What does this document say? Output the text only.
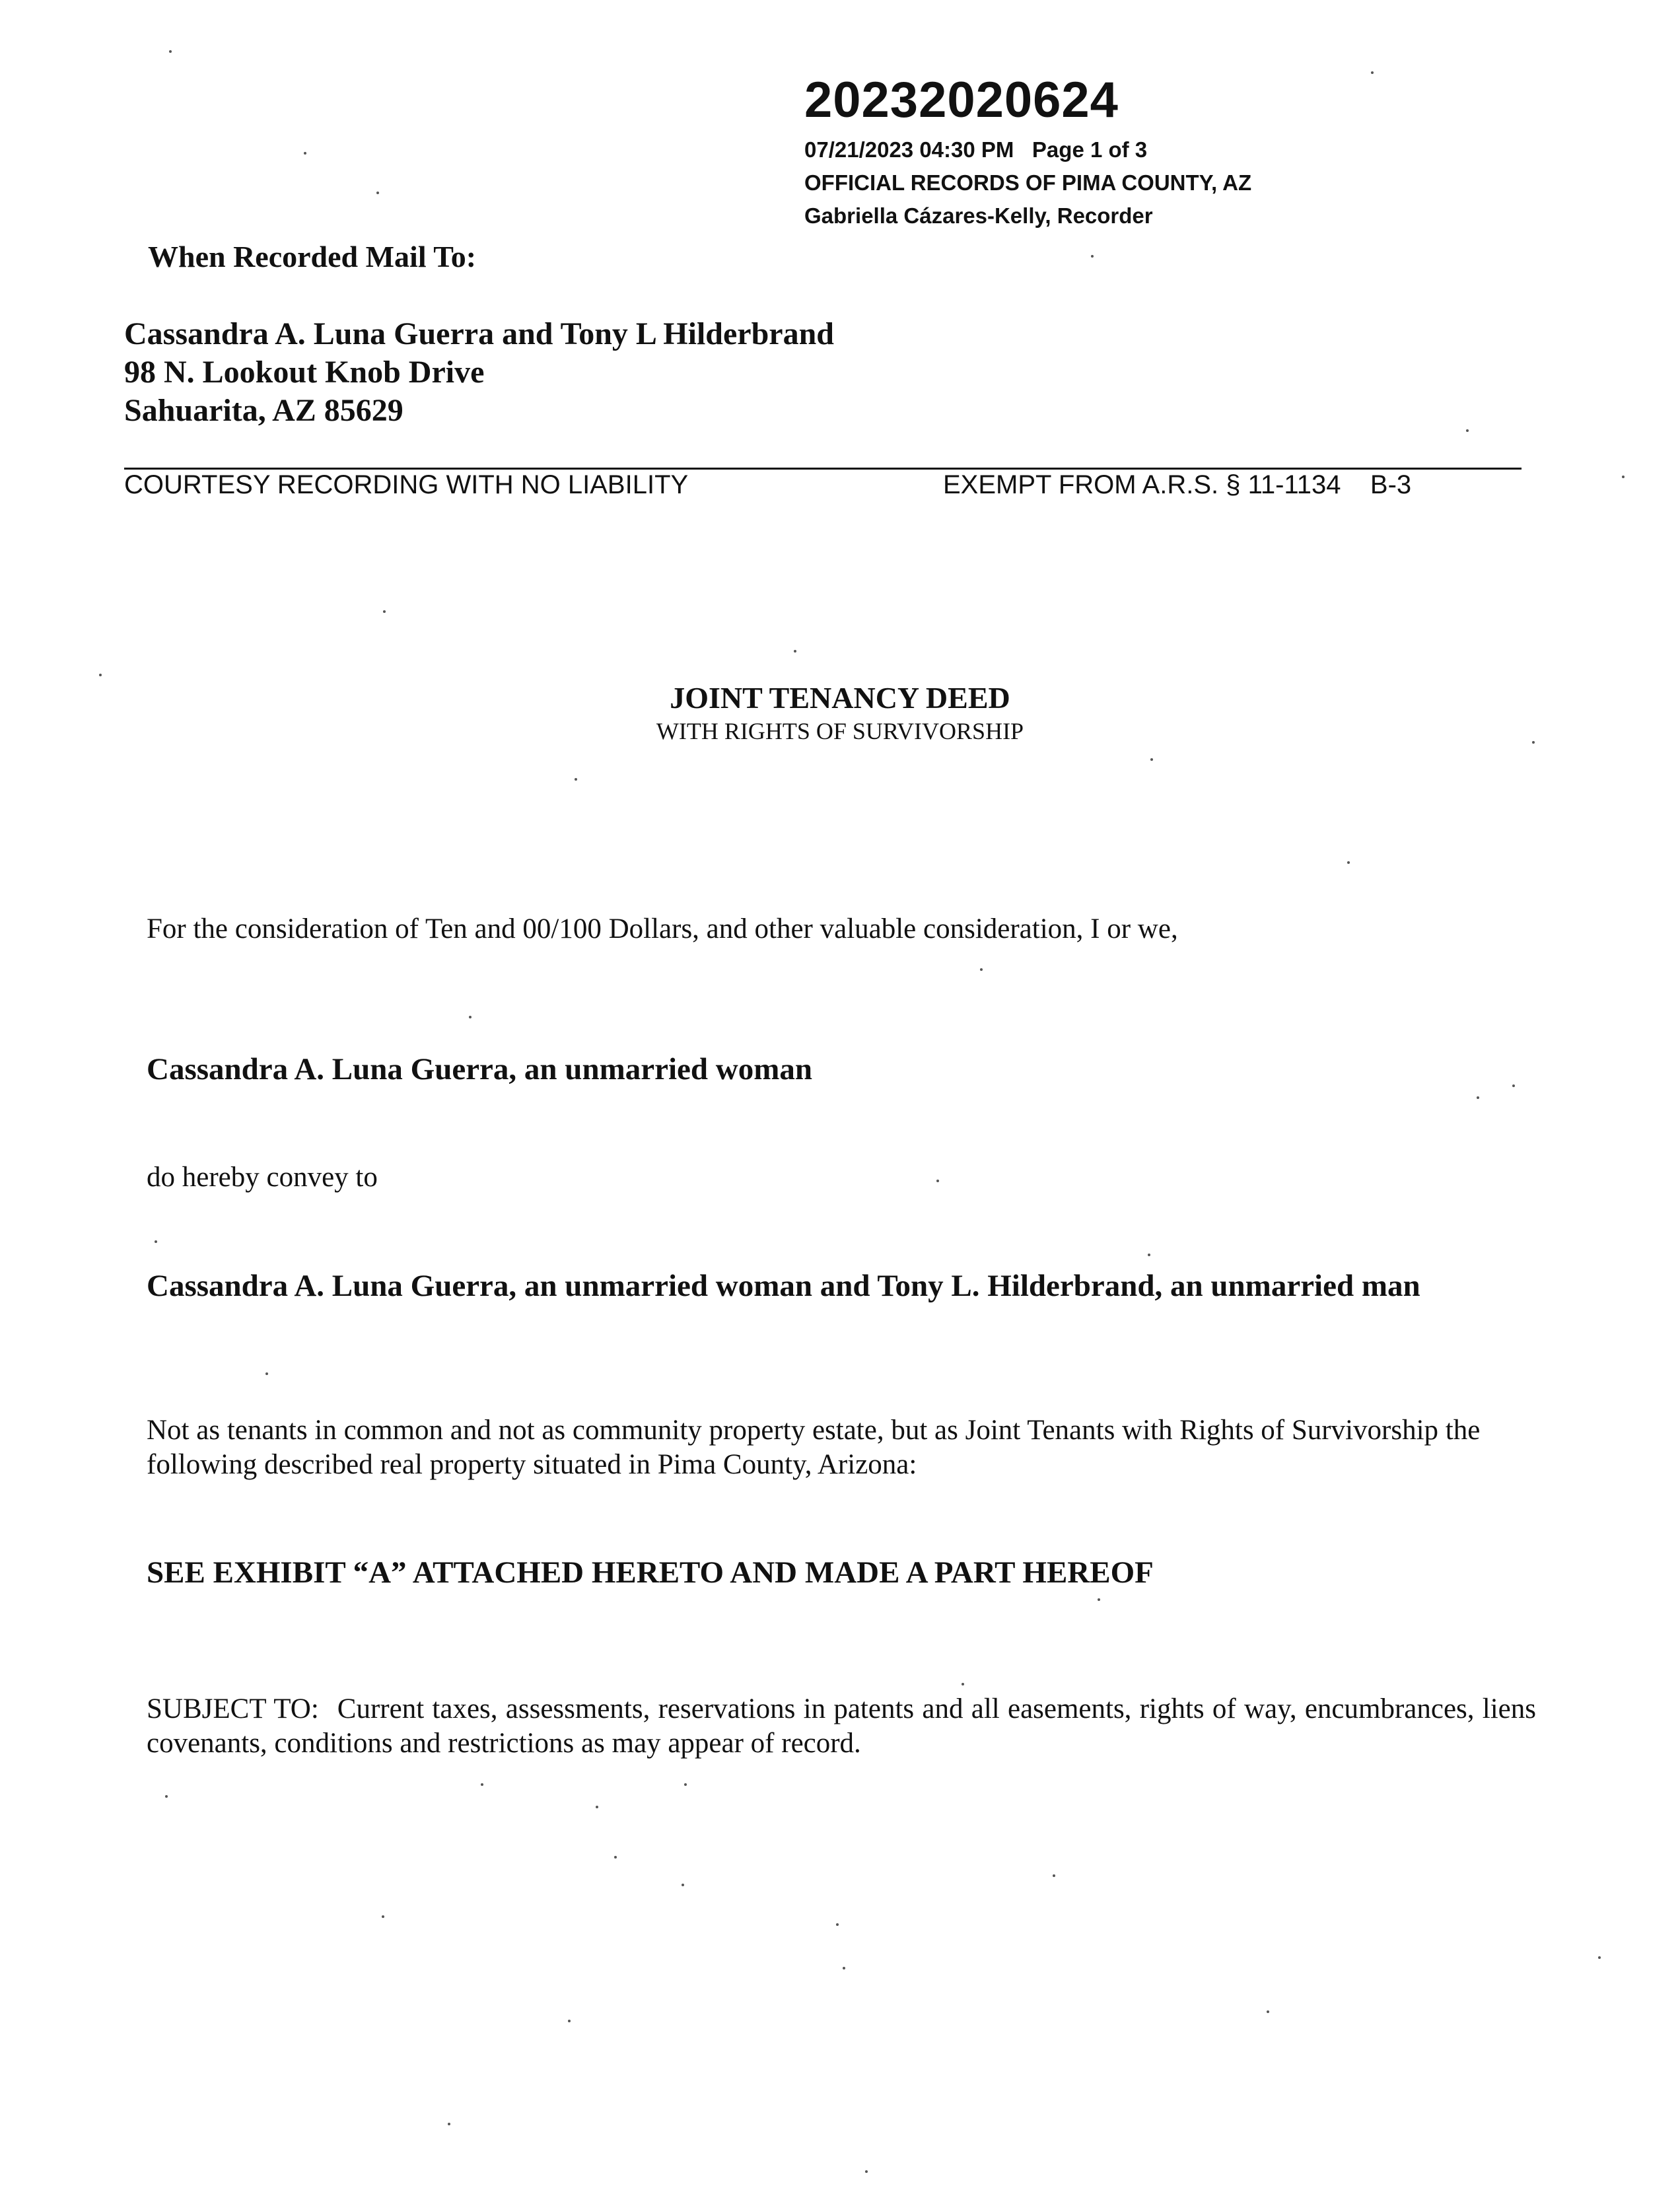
20232020624
07/21/2023 04:30 PM Page 1 of 3
OFFICIAL RECORDS OF PIMA COUNTY, AZ
Gabriella Cázares-Kelly, Recorder
When Recorded Mail To:
Cassandra A. Luna Guerra and Tony L Hilderbrand
98 N. Lookout Knob Drive
Sahuarita, AZ 85629
COURTESY RECORDING WITH NO LIABILITY	EXEMPT FROM A.R.S. § 11-1134 B-3
JOINT TENANCY DEED
WITH RIGHTS OF SURVIVORSHIP
For the consideration of Ten and 00/100 Dollars, and other valuable consideration, I or we,
Cassandra A. Luna Guerra, an unmarried woman
do hereby convey to
Cassandra A. Luna Guerra, an unmarried woman and Tony L. Hilderbrand, an unmarried man
Not as tenants in common and not as community property estate, but as Joint Tenants with Rights of Survivorship the following described real property situated in Pima County, Arizona:
SEE EXHIBIT “A” ATTACHED HERETO AND MADE A PART HEREOF
SUBJECT TO: Current taxes, assessments, reservations in patents and all easements, rights of way, encumbrances, liens covenants, conditions and restrictions as may appear of record.
